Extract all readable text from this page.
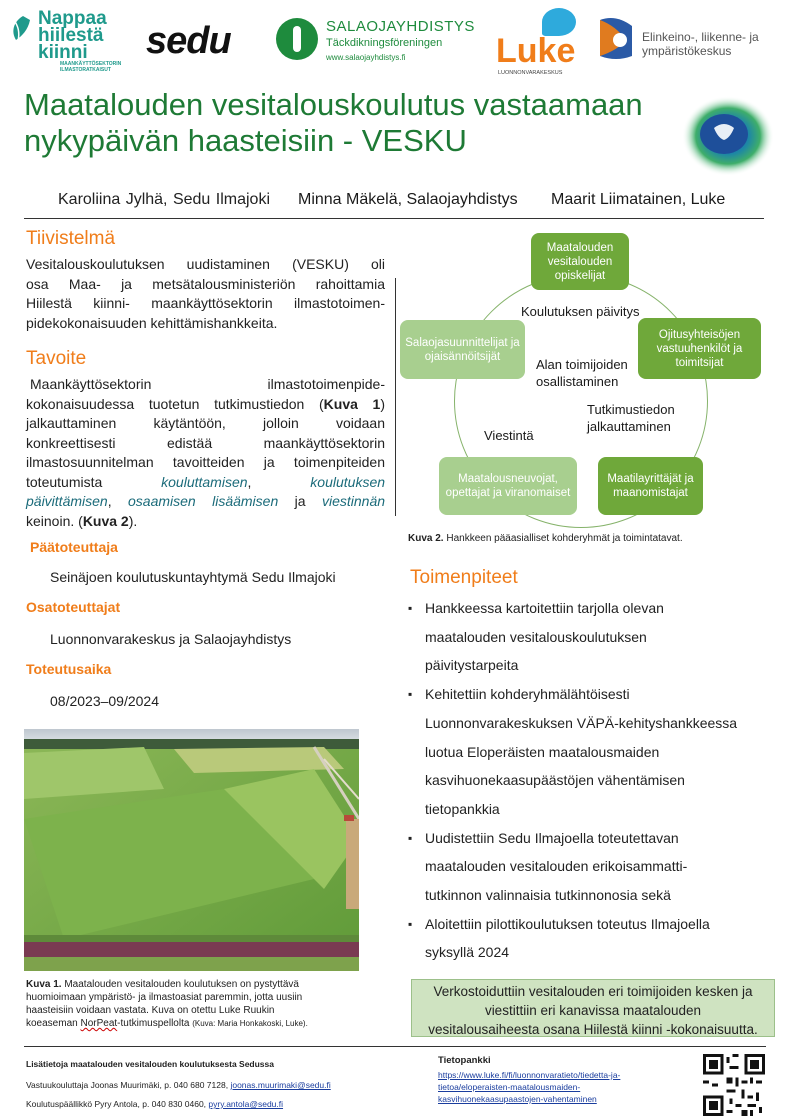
Nappaa
hiilestä
kiinni
MAANKÄYTTÖSEKTORIN
ILMASTORATKAISUT
sedu	SALAOJAYHDISTYS
Täckdikningsföreningen
www.salaojayhdistys.fi	Luke
LUONNONVARAKESKUS
Elinkeino-, liikenne- ja
ympäristökeskus
Maatalouden vesitalouskoulutus vastaamaan
nykypäivän haasteisiin - VESKU
Karoliina Jylhä, Sedu Ilmajoki Minna Mäkelä, Salaojayhdistys Maarit Liimatainen, Luke
Tiivistelmä
Vesitalouskoulutuksen uudistaminen (VESKU) oli
osa Maa- ja metsätalousministeriön rahoittamia
Hiilestä kiinni- maankäyttösektorin ilmastotoimen-
pidekokonaisuuden kehittämishankkeita.
Tavoite
Maankäyttösektorin ilmastotoimenpide-
kokonaisuudessa tuotetun tutkimustiedon (Kuva 1)
jalkauttaminen käytäntöön, jolloin voidaan
konkreettisesti edistää maankäyttösektorin
ilmastosuunnitelman tavoitteiden ja toimenpiteiden
toteutumista	kouluttamisen,	koulutuksen
päivittämisen, osaamisen lisäämisen ja viestinnän
keinoin. (Kuva 2).
Päätoteuttaja
Seinäjoen koulutuskuntayhtymä Sedu Ilmajoki
Osatoteuttajat
Luonnonvarakeskus ja Salaojayhdistys
Toteutusaika
08/2023–09/2024
Kuva 1. Maatalouden vesitalouden koulutuksen on pystyttävä
huomioimaan ympäristö- ja ilmastoasiat paremmin, jotta uusiin
haasteisiin voidaan vastata. Kuva on otettu Luke Ruukin
koeaseman NorPeat-tutkimuspellolta (Kuva: Maria Honkakoski, Luke).
Maatalouden vesitalouden opiskelijat
Ojitusyhteisöjen vastuuhenkilöt ja toimitsijat
Maatilayrittäjät ja maanomistajat
Maatalousneuvojat, opettajat ja viranomaiset
Salaojasuunnittelijat ja ojaisännöitsijät
Koulutuksen päivitys
Alan toimijoiden
osallistaminen
Tutkimustiedon
jalkauttaminen
Viestintä
Kuva 2. Hankkeen pääasialliset kohderyhmät ja toimintatavat.
Toimenpiteet
▪ Hankkeessa kartoitettiin tarjolla olevan
maatalouden vesitalouskoulutuksen
päivitystarpeita
▪ Kehitettiin kohderyhmälähtöisesti
Luonnonvarakeskuksen VÄPÄ-kehityshankkeessa
luotua Eloperäisten maatalousmaiden
kasvihuonekaasupäästöjen vähentämisen
tietopankkia
▪ Uudistettiin Sedu Ilmajoella toteutettavan
maatalouden vesitalouden erikoisammatti-
tutkinnon valinnaisia tutkinnonosia sekä
▪ Aloitettiin pilottikoulutuksen toteutus Ilmajoella
syksyllä 2024
Verkostoiduttiin vesitalouden eri toimijoiden kesken ja
viestittiin eri kanavissa maatalouden
vesitalousaiheesta osana Hiilestä kiinni -kokonaisuutta.
Lisätietoja maatalouden vesitalouden koulutuksesta Sedussa
Vastuukouluttaja Joonas Muurimäki, p. 040 680 7128, joonas.muurimaki@sedu.fi
Koulutuspäällikkö Pyry Antola, p. 040 830 0460, pyry.antola@sedu.fi
Tietopankki
https://www.luke.fi/fi/luonnonvaratieto/tiedetta-ja-
tietoa/eloperaisten-maatalousmaiden-
kasvihuonekaasupaastojen-vahentaminen
